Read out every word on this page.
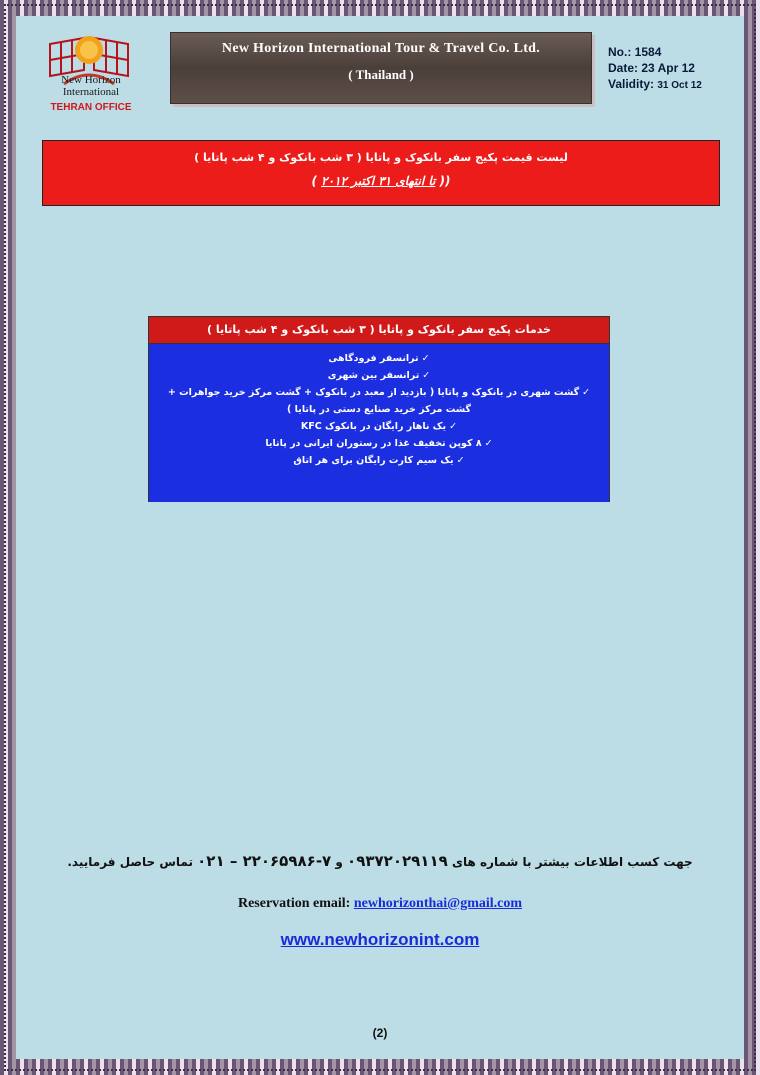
New Horizon
International
TEHRAN OFFICE
New Horizon International Tour & Travel Co. Ltd.
( Thailand )
No.: 1584
Date: 23 Apr 12
Validity: 31 Oct 12
لیست قیمت پکیج سفر بانکوک و پاتایا ( ۳ شب بانکوک و ۴ شب پاتایا )
(( تا انتهای ۳۱ اکتبر ۲۰۱۲ )
خدمات پکیج سفر بانکوک و پاتایا ( ۳ شب بانکوک و ۴ شب پاتایا )
✓ترانسفر فرودگاهی
✓ترانسفر بین شهری
✓گشت شهری در بانکوک و پاتایا ( بازدید از معبد در بانکوک + گشت مرکز خرید جواهرات +
گشت مرکز خرید صنایع دستی در پاتایا )
✓یک ناهار رایگان در بانکوک KFC
✓۸ کوپن تخفیف غذا در رستوران ایرانی در پاتایا
✓یک سیم کارت رایگان برای هر اتاق
جهت کسب اطلاعات بیشتر با شماره های ۰۹۳۷۲۰۲۹۱۱۹ و ۷-۲۲۰۶۵۹۸۶ – ۰۲۱ تماس حاصل فرمایید.
Reservation email: newhorizonthai@gmail.com
www.newhorizonint.com
(2)
